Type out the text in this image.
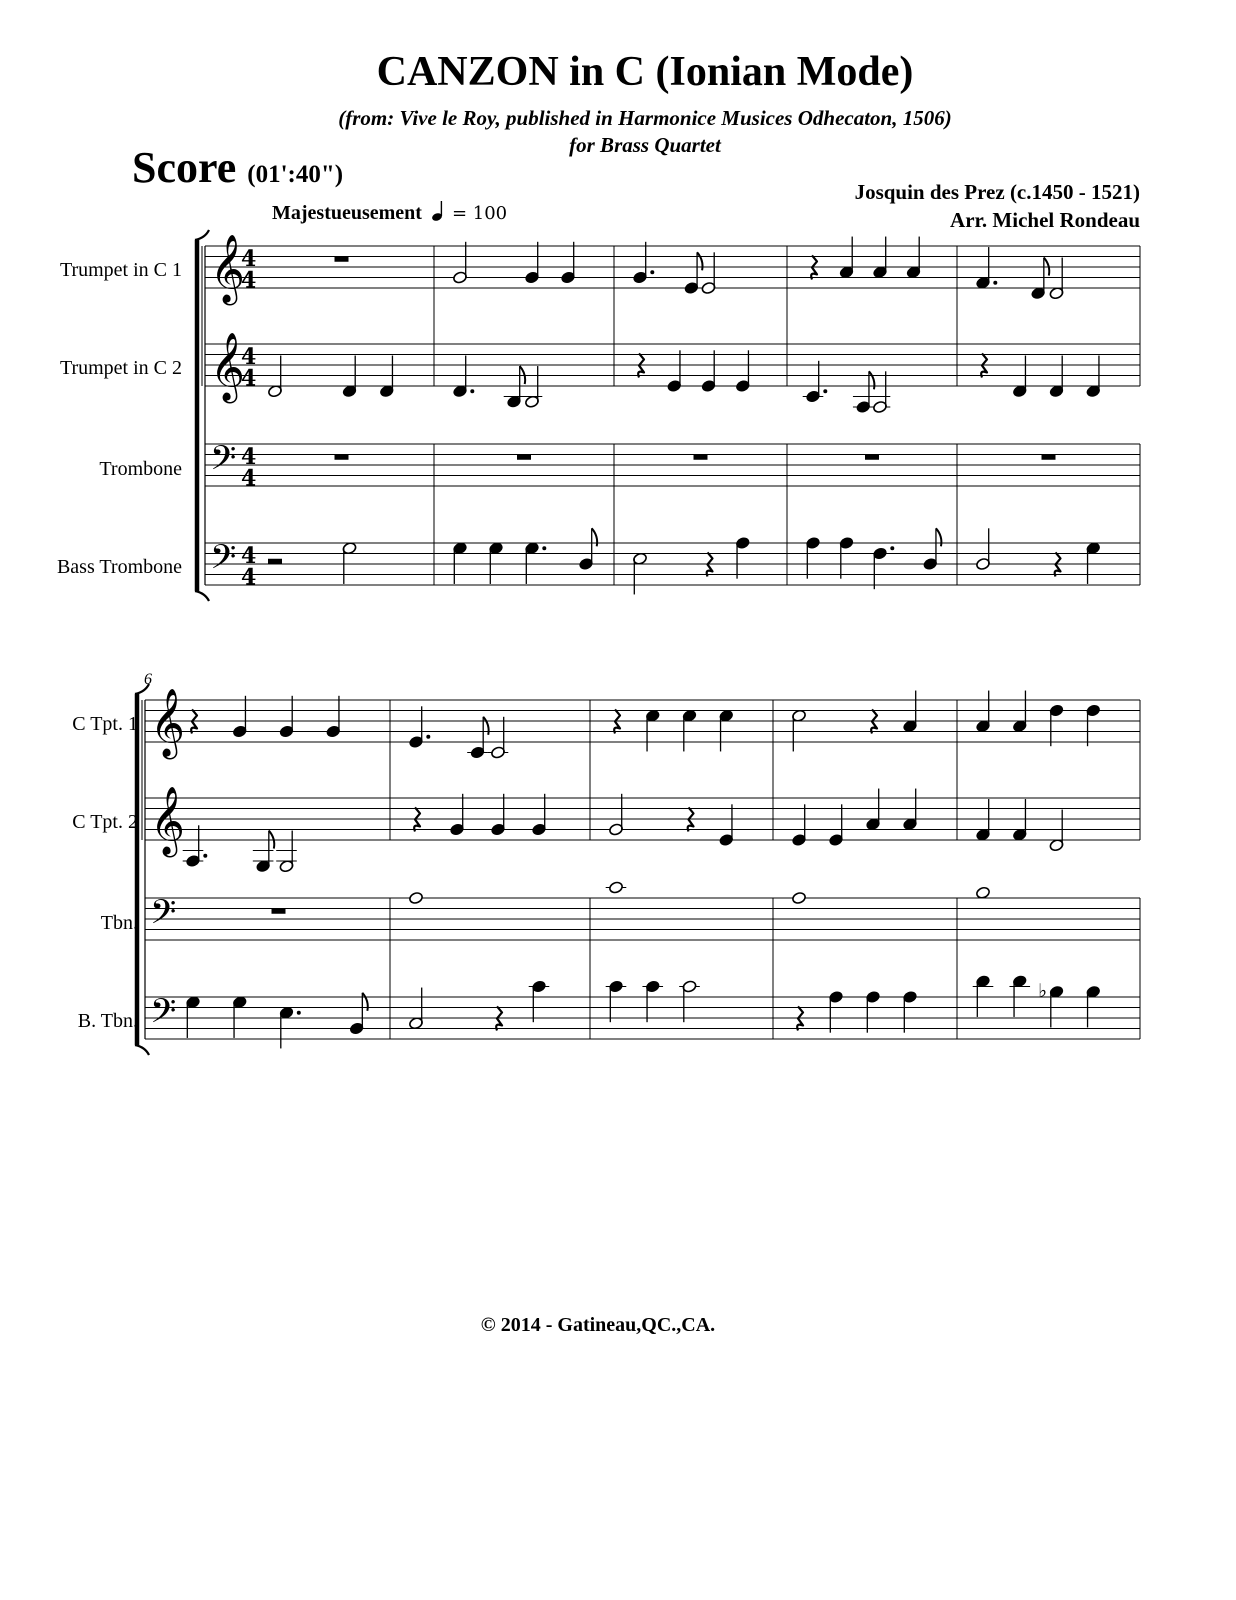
CANZON in C (Ionian Mode)
(from: Vive le Roy, published in Harmonice Musices Odhecaton, 1506)
for Brass Quartet
Score (01':40")
Josquin des Prez (c.1450 - 1521)
Arr. Michel Rondeau
Majestueusement = 100
Trumpet in C 1
Trumpet in C 2
Trombone
Bass Trombone
C Tpt. 1
C Tpt. 2
Tbn.
B. Tbn.
𝄞
4
4
𝄞
4
4
𝄢 4
4
𝄢 4
4
𝄞
𝄞
𝄢
𝄢
♭
6
© 2014 - Gatineau,QC.,CA.
